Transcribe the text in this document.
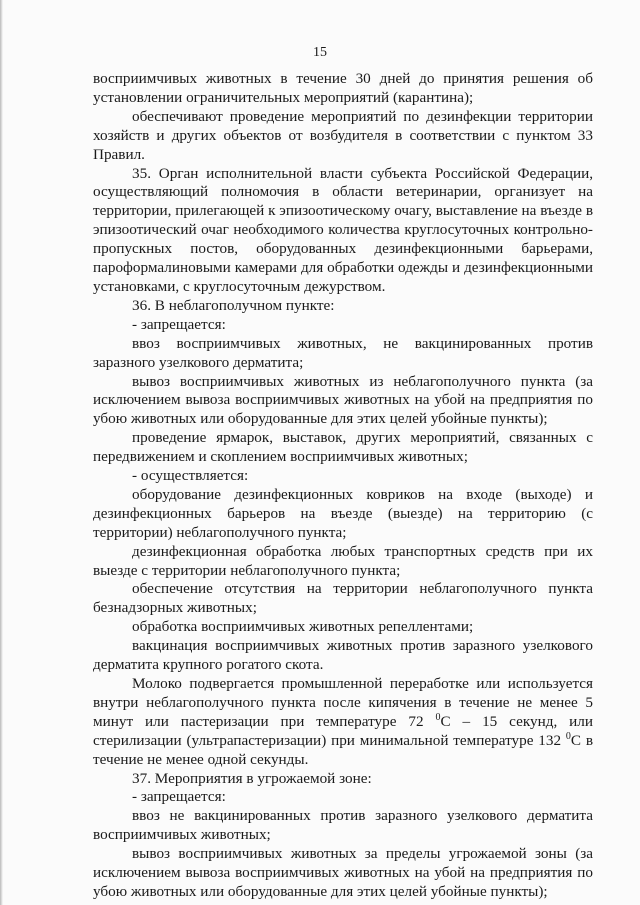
15

восприимчивых животных в течение 30 дней до принятия решения об установлении ограничительных мероприятий (карантина);

обеспечивают проведение мероприятий по дезинфекции территории хозяйств и других объектов от возбудителя в соответствии с пунктом 33 Правил.

35. Орган исполнительной власти субъекта Российской Федерации, осуществляющий полномочия в области ветеринарии, организует на территории, прилегающей к эпизоотическому очагу, выставление на въезде в эпизоотический очаг необходимого количества круглосуточных контрольно-пропускных постов, оборудованных дезинфекционными барьерами, пароформалиновыми камерами для обработки одежды и дезинфекционными установками, с круглосуточным дежурством.

36. В неблагополучном пункте:

- запрещается:

ввоз восприимчивых животных, не вакцинированных против заразного узелкового дерматита;

вывоз восприимчивых животных из неблагополучного пункта (за исключением вывоза восприимчивых животных на убой на предприятия по убою животных или оборудованные для этих целей убойные пункты);

проведение ярмарок, выставок, других мероприятий, связанных с передвижением и скоплением восприимчивых животных;

- осуществляется:

оборудование дезинфекционных ковриков на входе (выходе) и дезинфекционных барьеров на въезде (выезде) на территорию (с территории) неблагополучного пункта;

дезинфекционная обработка любых транспортных средств при их выезде с территории неблагополучного пункта;

обеспечение отсутствия на территории неблагополучного пункта безнадзорных животных;

обработка восприимчивых животных репеллентами;

вакцинация восприимчивых животных против заразного узелкового дерматита крупного рогатого скота.

Молоко подвергается промышленной переработке или используется внутри неблагополучного пункта после кипячения в течение не менее 5 минут или пастеризации при температуре 72 $^0$С – 15 секунд, или стерилизации (ультрапастеризации) при минимальной температуре 132 $^0$С в течение не менее одной секунды.

37. Мероприятия в угрожаемой зоне:

- запрещается:

ввоз не вакцинированных против заразного узелкового дерматита восприимчивых животных;

вывоз восприимчивых животных за пределы угрожаемой зоны (за исключением вывоза восприимчивых животных на убой на предприятия по убою животных или оборудованные для этих целей убойные пункты);
